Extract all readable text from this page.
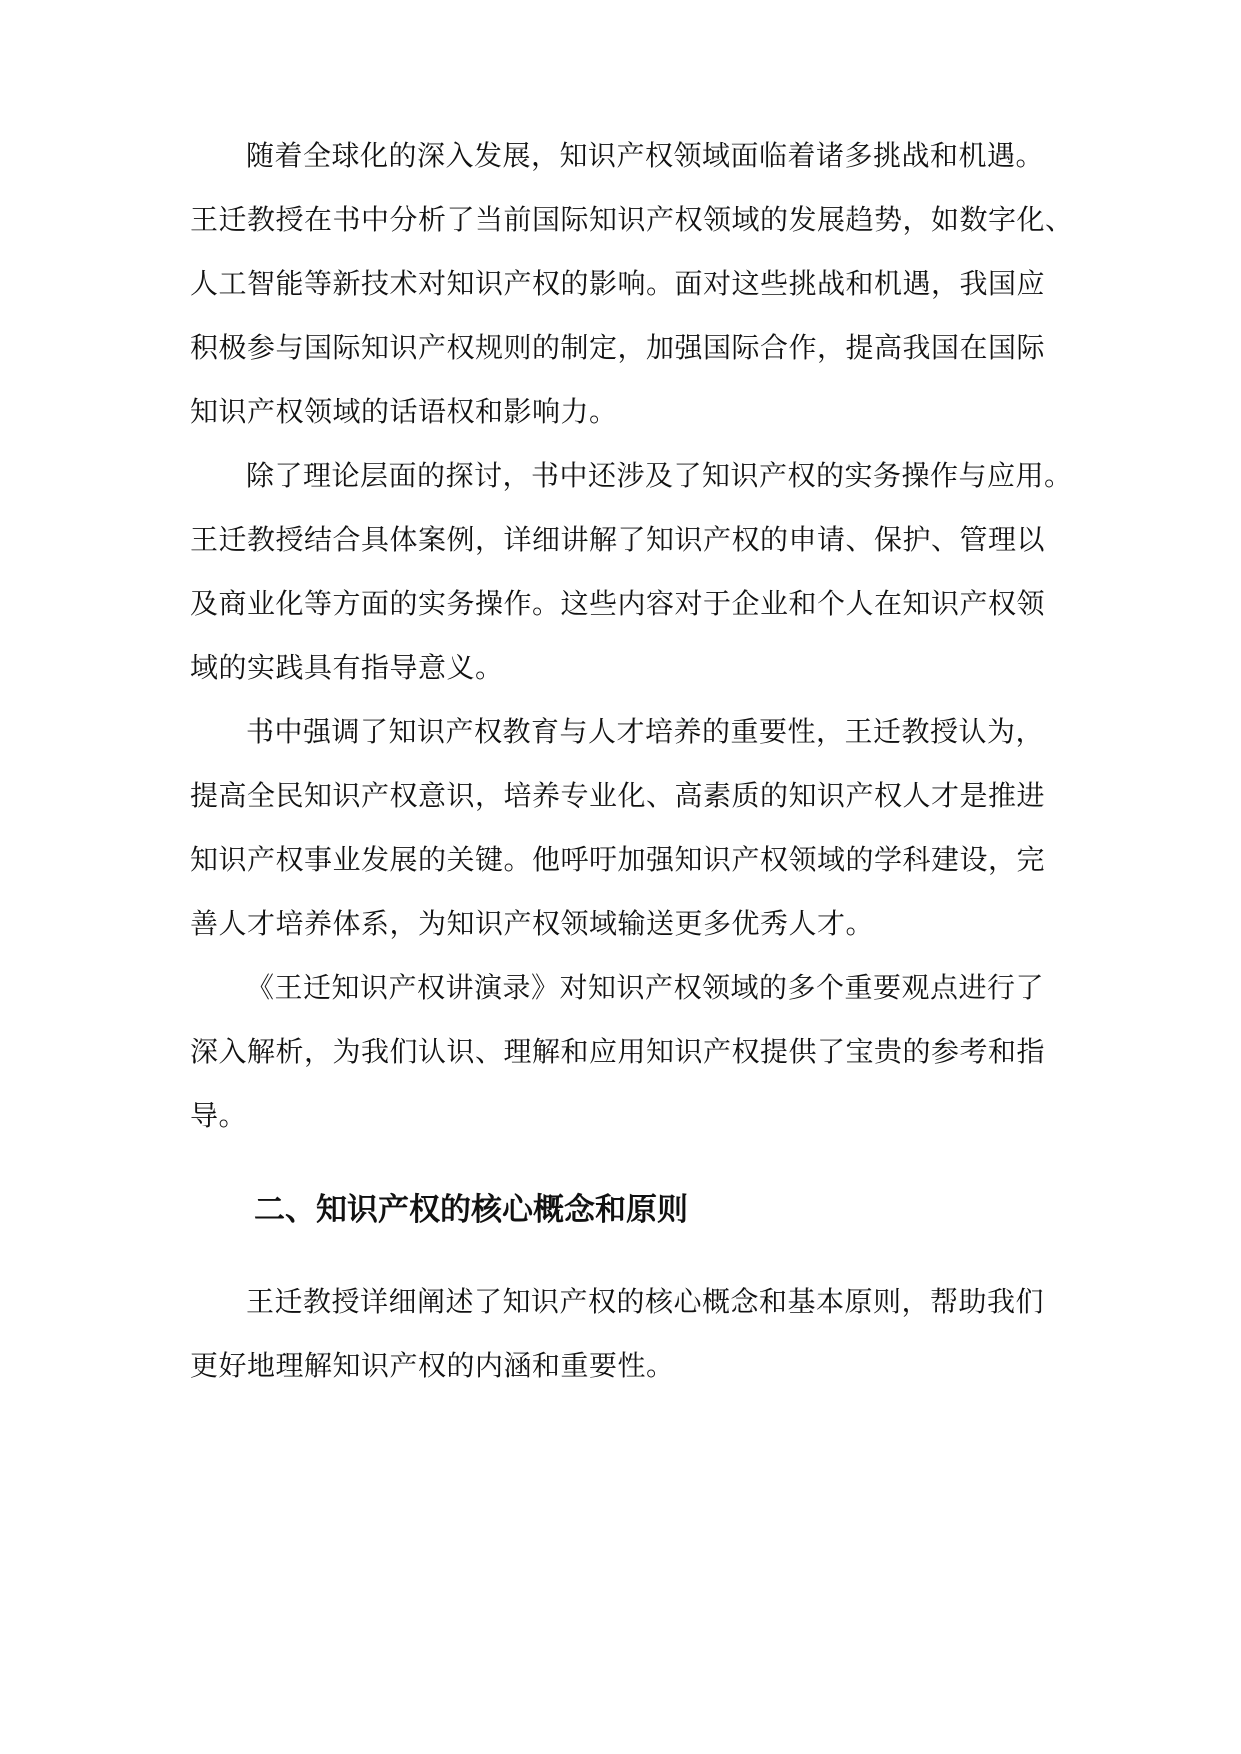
随着全球化的深入发展，知识产权领域面临着诸多挑战和机遇。
王迁教授在书中分析了当前国际知识产权领域的发展趋势，如数字化、
人工智能等新技术对知识产权的影响。面对这些挑战和机遇，我国应
积极参与国际知识产权规则的制定，加强国际合作，提高我国在国际
知识产权领域的话语权和影响力。
除了理论层面的探讨，书中还涉及了知识产权的实务操作与应用。
王迁教授结合具体案例，详细讲解了知识产权的申请、保护、管理以
及商业化等方面的实务操作。这些内容对于企业和个人在知识产权领
域的实践具有指导意义。
书中强调了知识产权教育与人才培养的重要性，王迁教授认为，
提高全民知识产权意识，培养专业化、高素质的知识产权人才是推进
知识产权事业发展的关键。他呼吁加强知识产权领域的学科建设，完
善人才培养体系，为知识产权领域输送更多优秀人才。
《王迁知识产权讲演录》对知识产权领域的多个重要观点进行了
深入解析，为我们认识、理解和应用知识产权提供了宝贵的参考和指
导。
二、知识产权的核心概念和原则
王迁教授详细阐述了知识产权的核心概念和基本原则，帮助我们
更好地理解知识产权的内涵和重要性。
